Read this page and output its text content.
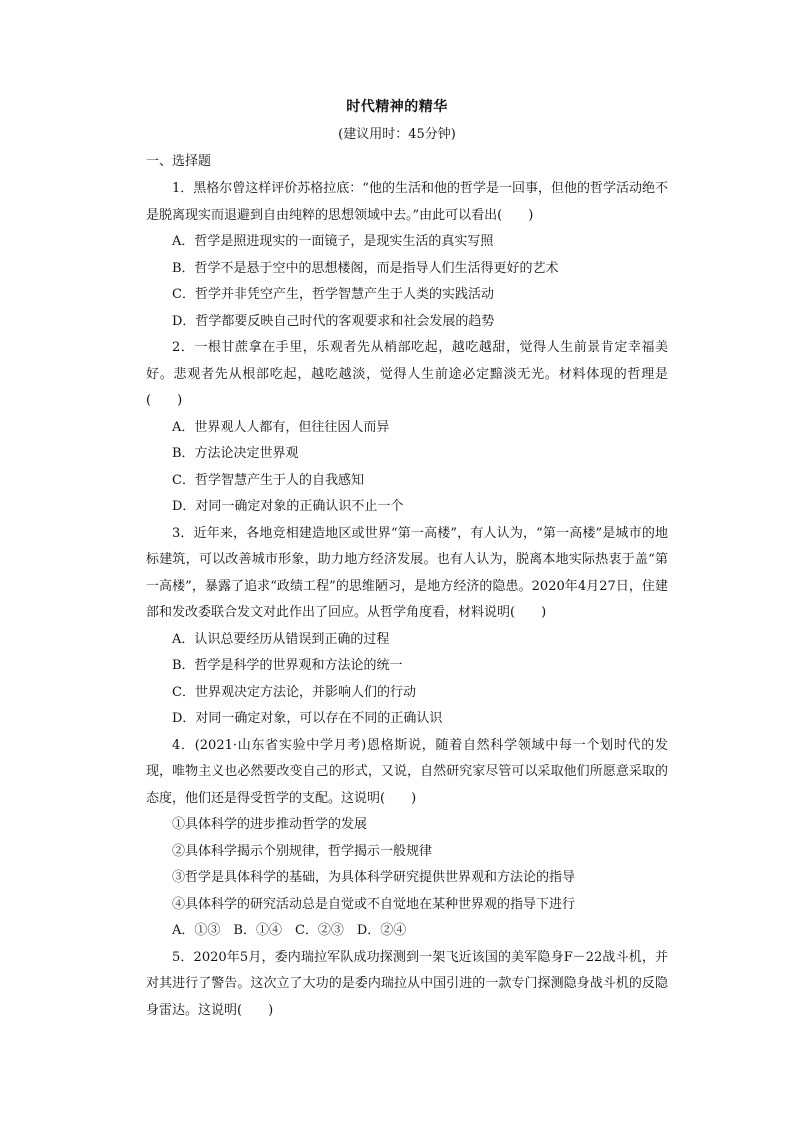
时代精神的精华
(建议用时：45分钟)
一、选择题

1．黑格尔曾这样评价苏格拉底：“他的生活和他的哲学是一回事，但他的哲学活动绝不是脱离现实而退避到自由纯粹的思想领域中去。”由此可以看出(　　)

A．哲学是照进现实的一面镜子，是现实生活的真实写照

B．哲学不是悬于空中的思想楼阁，而是指导人们生活得更好的艺术

C．哲学并非凭空产生，哲学智慧产生于人类的实践活动

D．哲学都要反映自己时代的客观要求和社会发展的趋势

2．一根甘蔗拿在手里，乐观者先从梢部吃起，越吃越甜，觉得人生前景肯定幸福美好。悲观者先从根部吃起，越吃越淡，觉得人生前途必定黯淡无光。材料体现的哲理是(　　)

A．世界观人人都有，但往往因人而异

B．方法论决定世界观

C．哲学智慧产生于人的自我感知

D．对同一确定对象的正确认识不止一个

3．近年来，各地竞相建造地区或世界“第一高楼”，有人认为，“第一高楼”是城市的地标建筑，可以改善城市形象，助力地方经济发展。也有人认为，脱离本地实际热衷于盖“第一高楼”，暴露了追求“政绩工程”的思维陋习，是地方经济的隐患。2020年4月27日，住建部和发改委联合发文对此作出了回应。从哲学角度看，材料说明(　　)

A．认识总要经历从错误到正确的过程

B．哲学是科学的世界观和方法论的统一

C．世界观决定方法论，并影响人们的行动

D．对同一确定对象，可以存在不同的正确认识

4．(2021·山东省实验中学月考)恩格斯说，随着自然科学领域中每一个划时代的发现，唯物主义也必然要改变自己的形式，又说，自然研究家尽管可以采取他们所愿意采取的态度，他们还是得受哲学的支配。这说明(　　)

①具体科学的进步推动哲学的发展

②具体科学揭示个别规律，哲学揭示一般规律

③哲学是具体科学的基础，为具体科学研究提供世界观和方法论的指导

④具体科学的研究活动总是自觉或不自觉地在某种世界观的指导下进行

A．①③　B．①④　C．②③　D．②④

5．2020年5月，委内瑞拉军队成功探测到一架飞近该国的美军隐身F－22战斗机，并对其进行了警告。这次立了大功的是委内瑞拉从中国引进的一款专门探测隐身战斗机的反隐身雷达。这说明(　　)
